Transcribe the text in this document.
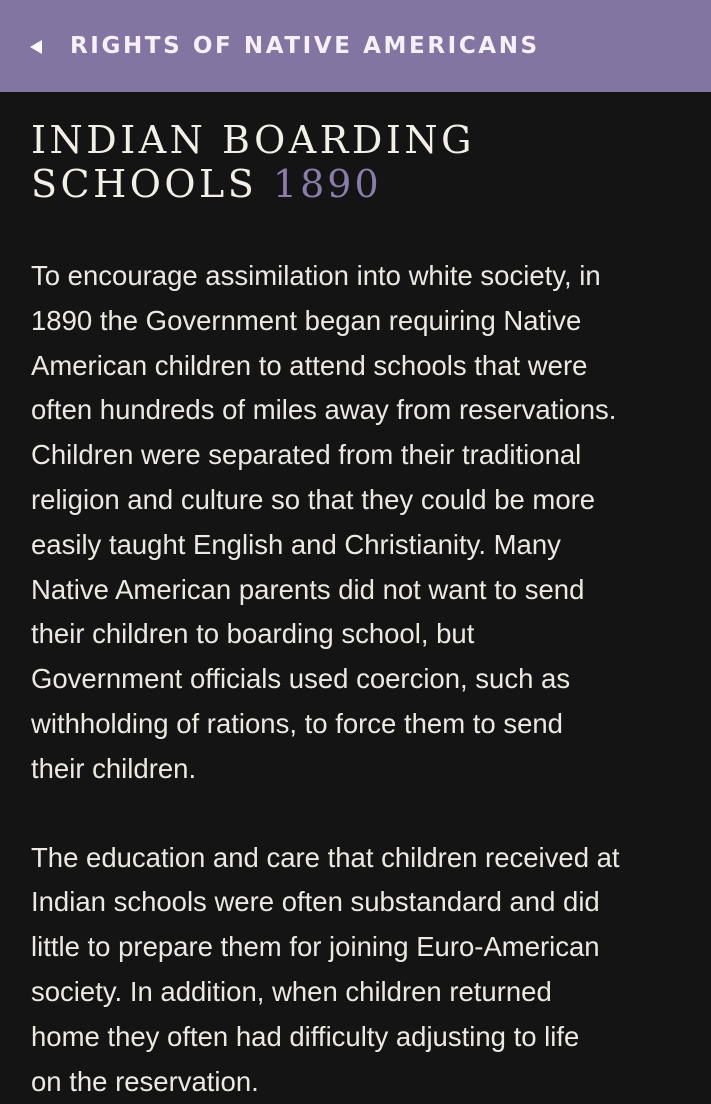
RIGHTS OF NATIVE AMERICANS
INDIAN BOARDING SCHOOLS 1890

To encourage assimilation into white society, in
1890 the Government began requiring Native
American children to attend schools that were
often hundreds of miles away from reservations.
Children were separated from their traditional
religion and culture so that they could be more
easily taught English and Christianity. Many
Native American parents did not want to send
their children to boarding school, but
Government officials used coercion, such as
withholding of rations, to force them to send
their children.

The education and care that children received at
Indian schools were often substandard and did
little to prepare them for joining Euro-American
society. In addition, when children returned
home they often had difficulty adjusting to life
on the reservation.
